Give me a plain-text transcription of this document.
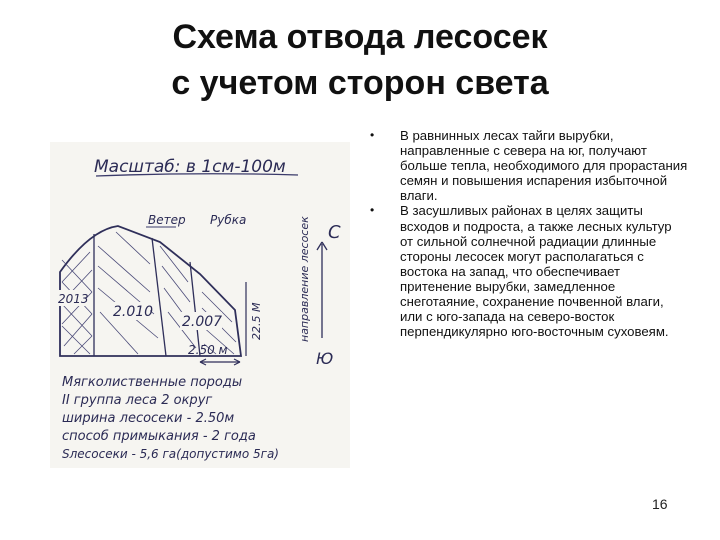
Схема отвода лесосек
с учетом сторон света
Масштаб: в 1см-100м
Ветер Рубка
2013
2.010
2.007
2.50 м
22.5 М	направление лесосек С
Ю
Мягколиственные породы
II группа леса 2 округ
ширина лесосеки - 2.50м
способ примыкания - 2 года
Sлесосеки - 5,6 га(допустимо 5га)
• В равнинных лесах тайги вырубки, направленные с севера на юг, получают больше тепла, необходимого для прорастания семян и повышения испарения избыточной влаги.
• В засушливых районах в целях защиты всходов и подроста, а также лесных культур от сильной солнечной радиации длинные стороны лесосек могут располагаться с востока на запад, что обеспечивает притенение вырубки, замедленное снеготаяние, сохранение почвенной влаги, или с юго-запада на северо-восток перпендикулярно юго-восточным суховеям.
16
